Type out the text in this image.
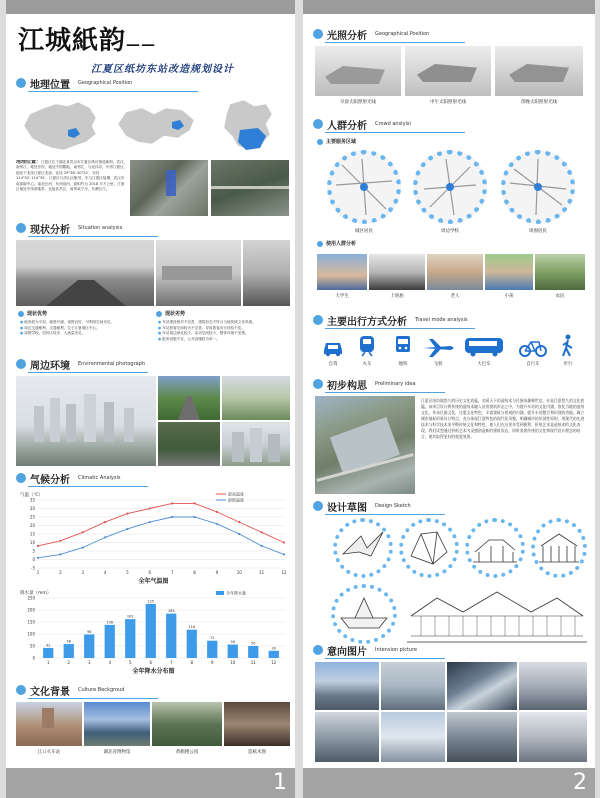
江城紙韵——
江夏区纸坊东站改造规划设计
地理位置 Geographical Position
地理位置：江夏区位于湖北省武汉市江夏区纸坊街道新街，武汉，南邻江，地处东经，地处中国腹地，南邻江，与北纬市，东邻江夏区，地处于北纬江夏区北部，北纬 29°58′-30°32′，东经 114°02′-114°35′，江夏区与洪山区毗邻，东与江夏区接壤，武汉市南部副中心。南北长河，东西宽河，面积约为 2018 平方公里，江夏区地处中纬度地带，北接武昌区，南邻咸宁市，东濒长江。
现状分析 Situation analysis
现状优势
● 地形较为平坦，地势开阔，视野良好，可利用空间充足。
● 周边交通便利，交通便利，位于江夏城区中心。
● 周围学校，居民区较多，人流量充足。
现状劣势
● 车站建设相对不完善，建筑形态不符合当地传统文化风貌。
● 车站旅客空间较为不完善，导致旅客出行体验不佳。
● 车站周边绿化较少，活动空间较少，整体环境不美观。
● 配套设施不足，公共设施较为单一。
周边环境 Environmental photograph
气候分析 Climatic Analysis
气温（℃）
-5
0
5
10
15
20
25
30
35
1	2	3	4	5	6	7	8	9	10	11	12
最高温度
最低温度
全年气温图
降水量（mm）
0
50
100
150
200
250
42
1
58
2
98
3
138
4
162
5
225
6
185
7
118
8
72
9
56
10
50
11
30
12
全年降水量
全年降水分布图
文化背景 Culture Beckgroud
江口火车站	湖北省博物馆	黄鹤楼公园	造纸术图
1
光照分析 Geographical Position
早晨太阳照射光线	中午太阳照射光线	傍晚太阳照射光线
人群分析 Crowd anslyisi
主要服务区域
城区居民	周边学校	周围居民
使用人群分析
大学生	上班族	老人	小孩	农民
主要出行方式分析 Travel mode analysis
自驾	火车	地铁	飞机	大巴车	自行车	步行
初步构思 Preliminary idea
江夏区纸坊镇悠久的历史文化底蕴，名闻天下的造纸术与民族英雄韩世忠，亦是江夏悠久的文化底蕴。该项目设计将传统的造纸术融入站房建筑形态之中，为提升车站的文化内涵，依托当地的造纸文化，传承民族文化，注重文化特色，丰富建筑与景观的内涵，提升车站整合和识别的功能。确立城市地标形象设计特点，充分体现江夏特色的现代化风貌。明确城市的识别性原则，用现代的先进技术与科学技术来平衡传统文化和特色，使人们在这里享受到便利，折纸艺术是造纸术的文化表现，我们试想通过折纸艺术为灵感创造新的建筑形态，同时表现传统的文化和现代设计理念的结合，使其取得更好的视觉效果。
设计草图 Design Sketch
意向图片 Intension picture
2
